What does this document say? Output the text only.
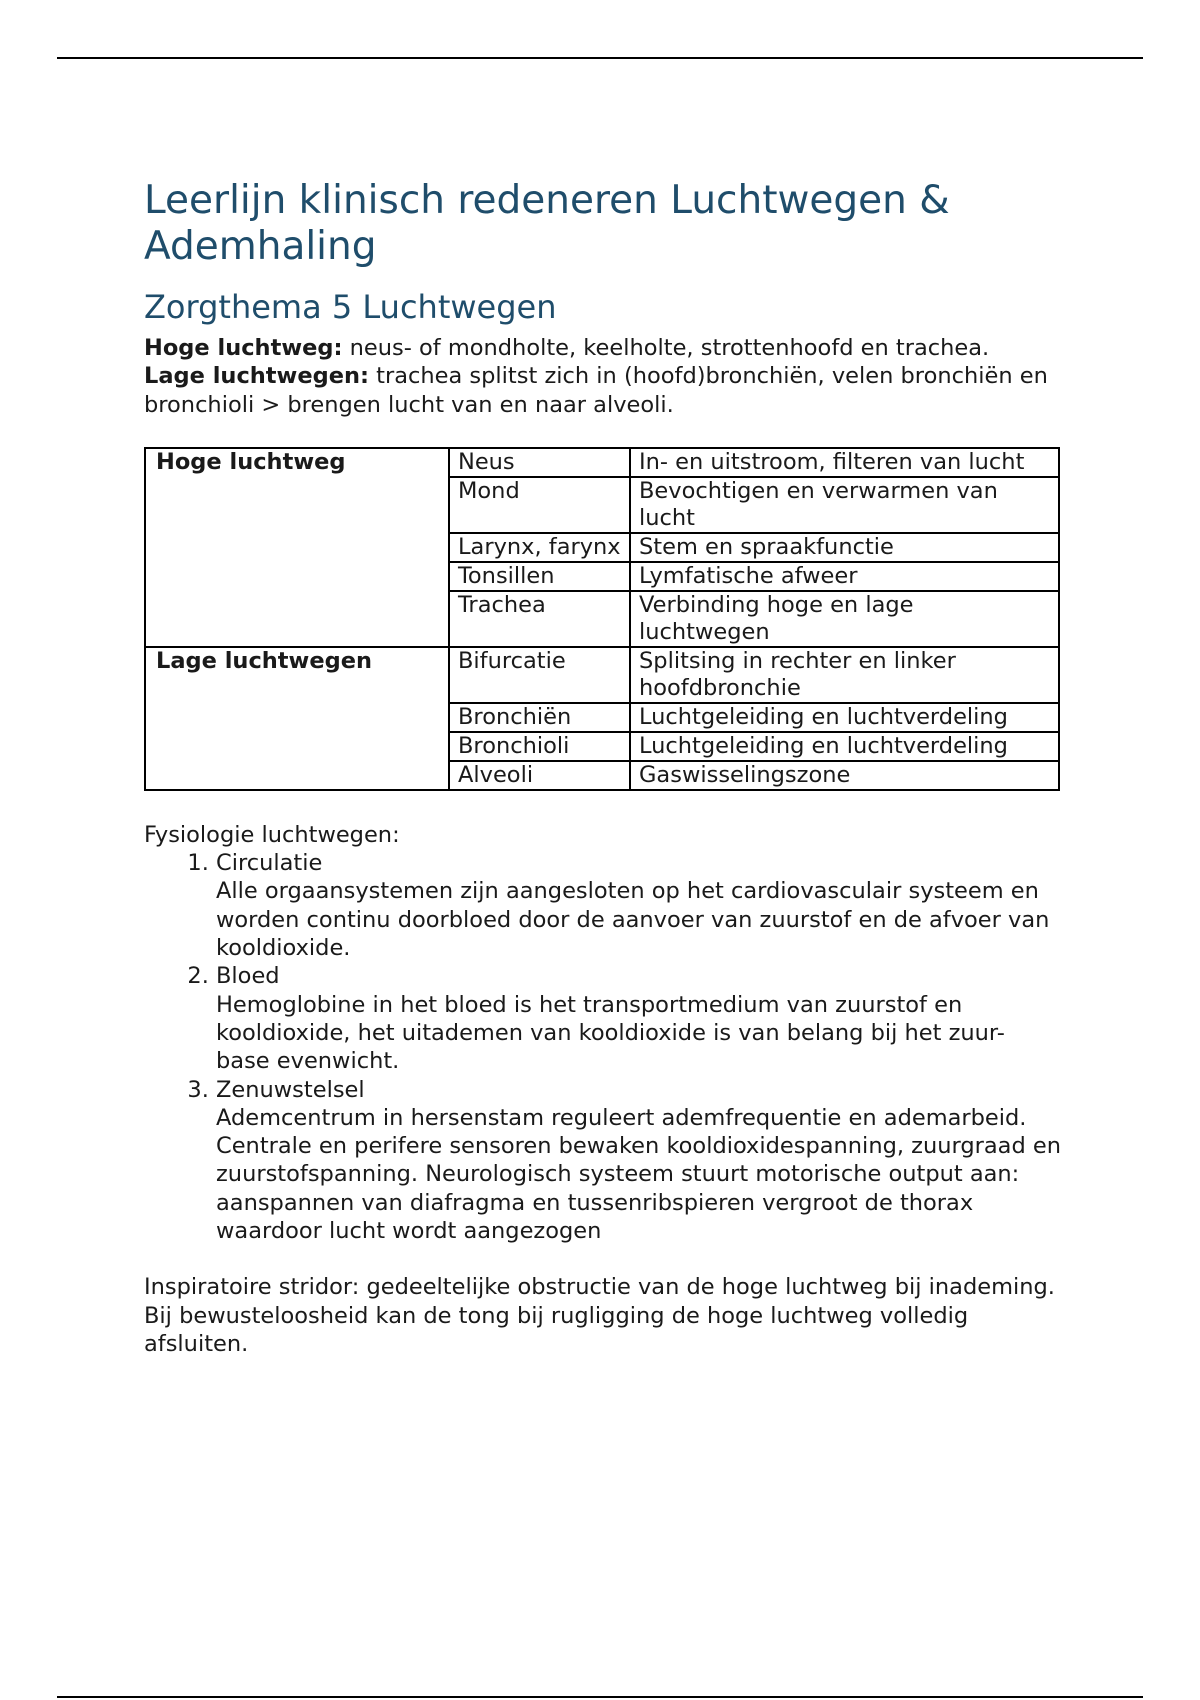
Leerlijn klinisch redeneren Luchtwegen & Ademhaling
Zorgthema 5 Luchtwegen

Hoge luchtweg: neus- of mondholte, keelholte, strottenhoofd en trachea.

Lage luchtwegen: trachea splitst zich in (hoofd)bronchiën, velen bronchiën en bronchioli > brengen lucht van en naar alveoli.

Hoge luchtweg	Neus	In- en uitstroom, filteren van lucht
	Mond	Bevochtigen en verwarmen van lucht
	Larynx, farynx	Stem en spraakfunctie
	Tonsillen	Lymfatische afweer
	Trachea	Verbinding hoge en lage luchtwegen
Lage luchtwegen	Bifurcatie	Splitsing in rechter en linker hoofdbronchie
	Bronchiën	Luchtgeleiding en luchtverdeling
	Bronchioli	Luchtgeleiding en luchtverdeling
	Alveoli	Gaswisselingszone

Fysiologie luchtwegen:

1. Circulatie
Alle orgaansystemen zijn aangesloten op het cardiovasculair systeem en worden continu doorbloed door de aanvoer van zuurstof en de afvoer van kooldioxide.
2. Bloed
Hemoglobine in het bloed is het transportmedium van zuurstof en kooldioxide, het uitademen van kooldioxide is van belang bij het zuur- base evenwicht.
3. Zenuwstelsel
Ademcentrum in hersenstam reguleert ademfrequentie en ademarbeid.
Centrale en perifere sensoren bewaken kooldioxidespanning, zuurgraad en zuurstofspanning. Neurologisch systeem stuurt motorische output aan: aanspannen van diafragma en tussenribspieren vergroot de thorax waardoor lucht wordt aangezogen

Inspiratoire stridor: gedeeltelijke obstructie van de hoge luchtweg bij inademing.

Bij bewusteloosheid kan de tong bij rugligging de hoge luchtweg volledig afsluiten.
